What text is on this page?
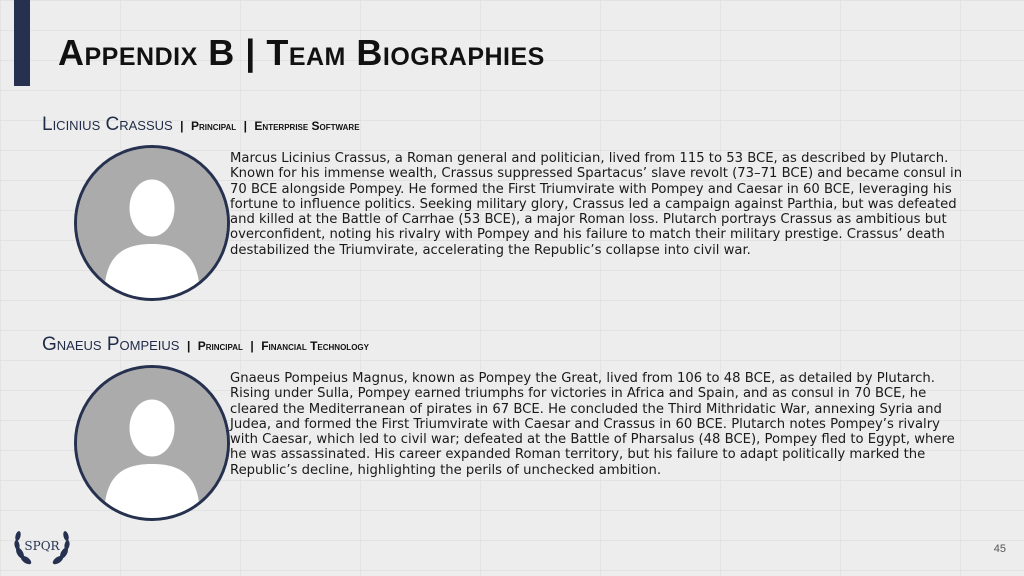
Appendix B | Team Biographies
Licinius Crassus | Principal | Enterprise Software

Marcus Licinius Crassus, a Roman general and politician, lived from 115 to 53 BCE, as described by Plutarch. Known for his immense wealth, Crassus suppressed Spartacus’ slave revolt (73–71 BCE) and became consul in 70 BCE alongside Pompey. He formed the First Triumvirate with Pompey and Caesar in 60 BCE, leveraging his fortune to influence politics. Seeking military glory, Crassus led a campaign against Parthia, but was defeated and killed at the Battle of Carrhae (53 BCE), a major Roman loss. Plutarch portrays Crassus as ambitious but overconfident, noting his rivalry with Pompey and his failure to match their military prestige. Crassus’ death destabilized the Triumvirate, accelerating the Republic’s collapse into civil war.

Gnaeus Pompeius | Principal | Financial Technology

Gnaeus Pompeius Magnus, known as Pompey the Great, lived from 106 to 48 BCE, as detailed by Plutarch. Rising under Sulla, Pompey earned triumphs for victories in Africa and Spain, and as consul in 70 BCE, he cleared the Mediterranean of pirates in 67 BCE. He concluded the Third Mithridatic War, annexing Syria and Judea, and formed the First Triumvirate with Caesar and Crassus in 60 BCE. Plutarch notes Pompey’s rivalry with Caesar, which led to civil war; defeated at the Battle of Pharsalus (48 BCE), Pompey fled to Egypt, where he was assassinated. His career expanded Roman territory, but his failure to adapt politically marked the Republic’s decline, highlighting the perils of unchecked ambition.

SPQR	45
